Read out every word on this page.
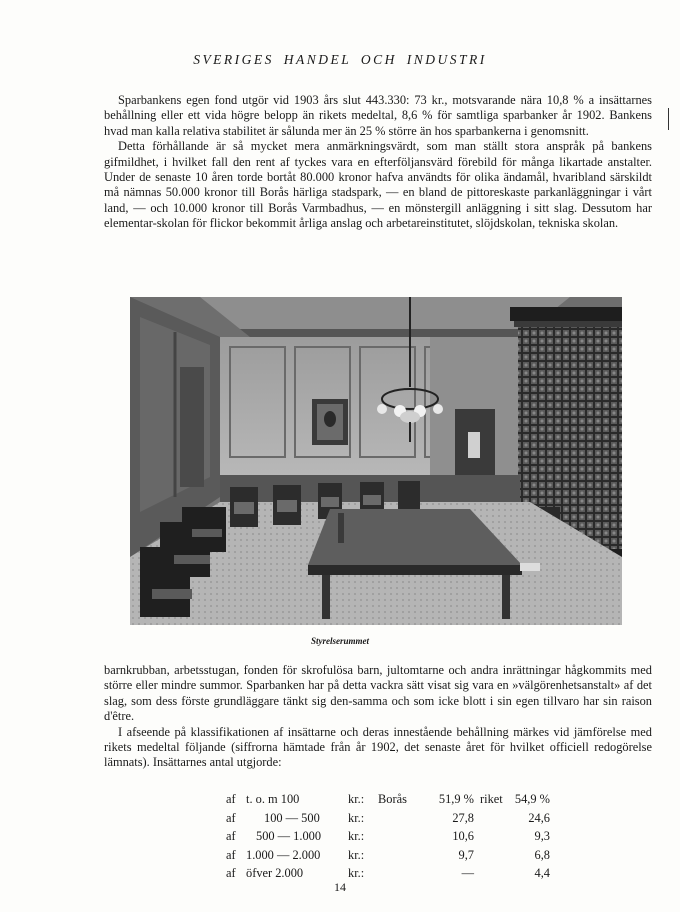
SVERIGES HANDEL OCH INDUSTRI

Sparbankens egen fond utgör vid 1903 års slut 443.330: 73 kr., motsvarande nära 10,8 % a insättarnes behållning eller ett vida högre belopp än rikets medeltal, 8,6 % för samtliga sparbanker år 1902. Bankens hvad man kalla relativa stabilitet är sålunda mer än 25 % större än hos sparbankerna i genomsnitt.

Detta förhållande är så mycket mera anmärkningsvärdt, som man ställt stora anspråk på bankens gifmildhet, i hvilket fall den rent af tyckes vara en efterföljansvärd förebild för många likartade anstalter. Under de senaste 10 åren torde bortåt 80.000 kronor hafva användts för olika ändamål, hvaribland särskildt må nämnas 50.000 kronor till Borås härliga stadspark, — en bland de pittoreskaste parkanläggningar i vårt land, — och 10.000 kronor till Borås Varmbadhus, — en mönstergill anläggning i sitt slag. Dessutom har elementar-skolan för flickor bekommit årliga anslag och arbetareinstitutet, slöjdskolan, tekniska skolan.

Styrelserummet

barnkrubban, arbetsstugan, fonden för skrofulösa barn, jultomtarne och andra inrättningar hågkommits med större eller mindre summor. Sparbanken har på detta vackra sätt visat sig vara en »välgörenhetsanstalt» af det slag, som dess förste grundläggare tänkt sig den-samma och som icke blott i sin egen tillvaro har sin raison d'être.

I afseende på klassifikationen af insättarne och deras innestående behållning märkes vid jämförelse med rikets medeltal följande (siffrorna hämtade från år 1902, det senaste året för hvilket officiell redogörelse lämnats). Insättarnes antal utgjorde:

af t. o. m 100	kr.:	Borås	51,9 % riket 54,9 %
af	100 — 500	kr.:	27,8	24,6
af	500 — 1.000	kr.:	10,6	9,3
af 1.000 — 2.000	kr.:	9,7	6,8
af öfver 2.000	kr.:	—	4,4
14
